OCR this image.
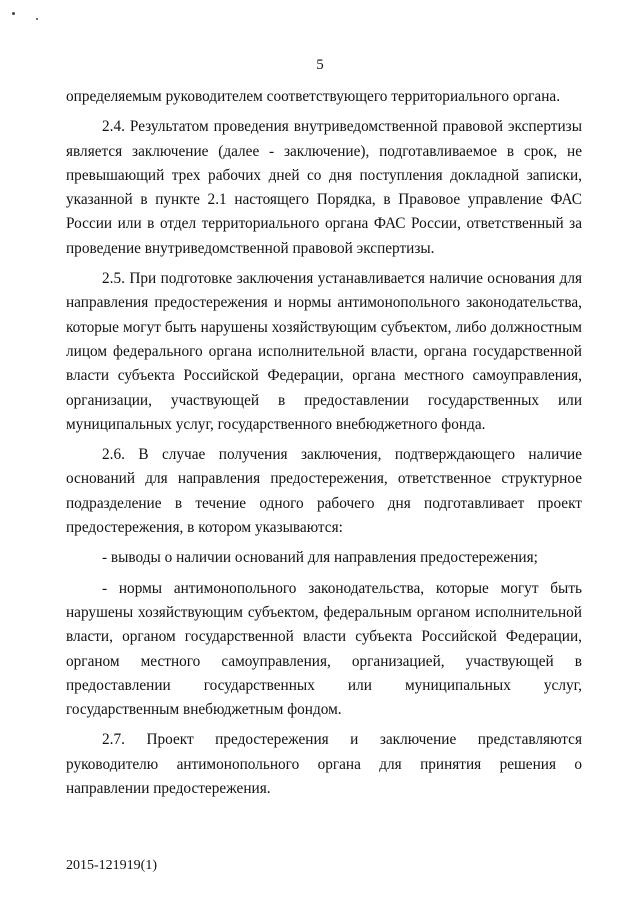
5

определяемым руководителем соответствующего территориального органа.

2.4. Результатом проведения внутриведомственной правовой экспертизы является заключение (далее - заключение), подготавливаемое в срок, не превышающий трех рабочих дней со дня поступления докладной записки, указанной в пункте 2.1 настоящего Порядка, в Правовое управление ФАС России или в отдел территориального органа ФАС России, ответственный за проведение внутриведомственной правовой экспертизы.

2.5. При подготовке заключения устанавливается наличие основания для направления предостережения и нормы антимонопольного законодательства, которые могут быть нарушены хозяйствующим субъектом, либо должностным лицом федерального органа исполнительной власти, органа государственной власти субъекта Российской Федерации, органа местного самоуправления, организации, участвующей в предоставлении государственных или муниципальных услуг, государственного внебюджетного фонда.

2.6. В случае получения заключения, подтверждающего наличие оснований для направления предостережения, ответственное структурное подразделение в течение одного рабочего дня подготавливает проект предостережения, в котором указываются:

- выводы о наличии оснований для направления предостережения;

- нормы антимонопольного законодательства, которые могут быть нарушены хозяйствующим субъектом, федеральным органом исполнительной власти, органом государственной власти субъекта Российской Федерации, органом местного самоуправления, организацией, участвующей в предоставлении государственных или муниципальных услуг, государственным внебюджетным фондом.

2.7. Проект предостережения и заключение представляются руководителю антимонопольного органа для принятия решения о направлении предостережения.

2015-121919(1)
